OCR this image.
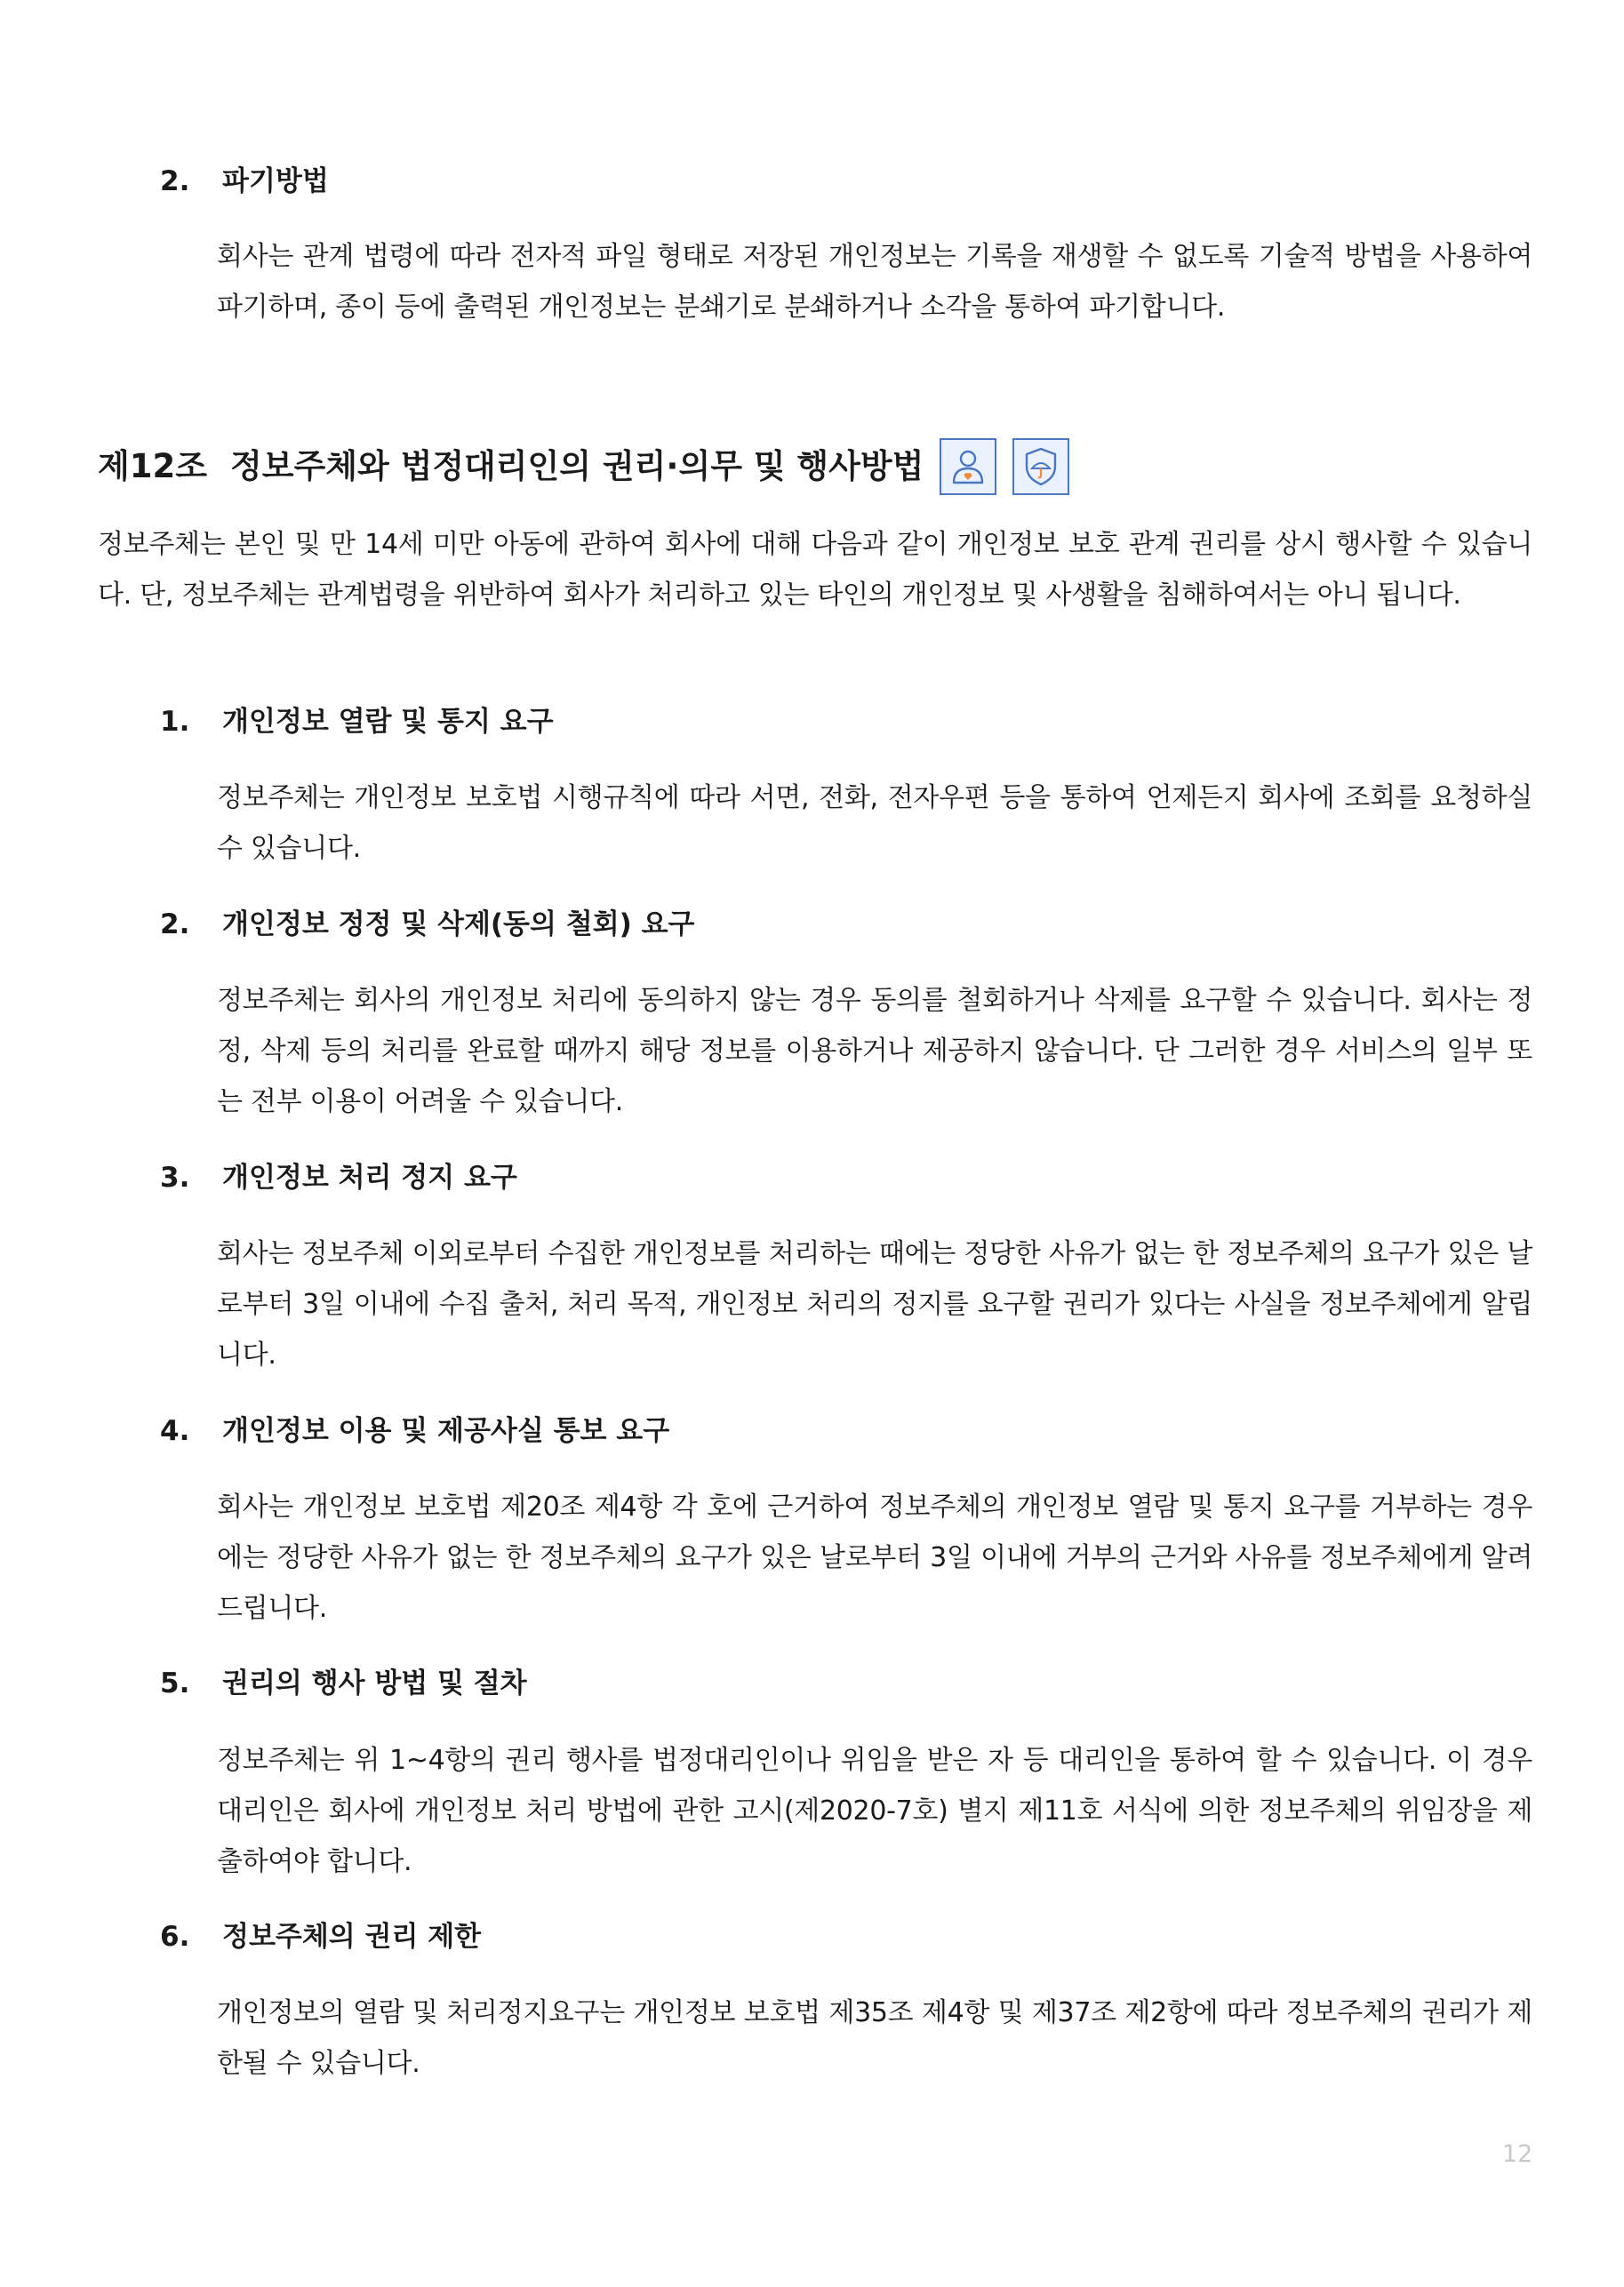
2. 파기방법
회사는 관계 법령에 따라 전자적 파일 형태로 저장된 개인정보는 기록을 재생할 수 없도록 기술적 방법을 사용하여 파기하며, 종이 등에 출력된 개인정보는 분쇄기로 분쇄하거나 소각을 통하여 파기합니다.
제12조 정보주체와 법정대리인의 권리·의무 및 행사방법
정보주체는 본인 및 만 14세 미만 아동에 관하여 회사에 대해 다음과 같이 개인정보 보호 관계 권리를 상시 행사할 수 있습니다. 단, 정보주체는 관계법령을 위반하여 회사가 처리하고 있는 타인의 개인정보 및 사생활을 침해하여서는 아니 됩니다.
1. 개인정보 열람 및 통지 요구
정보주체는 개인정보 보호법 시행규칙에 따라 서면, 전화, 전자우편 등을 통하여 언제든지 회사에 조회를 요청하실 수 있습니다.
2. 개인정보 정정 및 삭제(동의 철회) 요구
정보주체는 회사의 개인정보 처리에 동의하지 않는 경우 동의를 철회하거나 삭제를 요구할 수 있습니다. 회사는 정정, 삭제 등의 처리를 완료할 때까지 해당 정보를 이용하거나 제공하지 않습니다. 단 그러한 경우 서비스의 일부 또는 전부 이용이 어려울 수 있습니다.
3. 개인정보 처리 정지 요구
회사는 정보주체 이외로부터 수집한 개인정보를 처리하는 때에는 정당한 사유가 없는 한 정보주체의 요구가 있은 날로부터 3일 이내에 수집 출처, 처리 목적, 개인정보 처리의 정지를 요구할 권리가 있다는 사실을 정보주체에게 알립니다.
4. 개인정보 이용 및 제공사실 통보 요구
회사는 개인정보 보호법 제20조 제4항 각 호에 근거하여 정보주체의 개인정보 열람 및 통지 요구를 거부하는 경우에는 정당한 사유가 없는 한 정보주체의 요구가 있은 날로부터 3일 이내에 거부의 근거와 사유를 정보주체에게 알려 드립니다.
5. 권리의 행사 방법 및 절차
정보주체는 위 1~4항의 권리 행사를 법정대리인이나 위임을 받은 자 등 대리인을 통하여 할 수 있습니다. 이 경우 대리인은 회사에 개인정보 처리 방법에 관한 고시(제2020-7호) 별지 제11호 서식에 의한 정보주체의 위임장을 제출하여야 합니다.
6. 정보주체의 권리 제한
개인정보의 열람 및 처리정지요구는 개인정보 보호법 제35조 제4항 및 제37조 제2항에 따라 정보주체의 권리가 제한될 수 있습니다.
12
